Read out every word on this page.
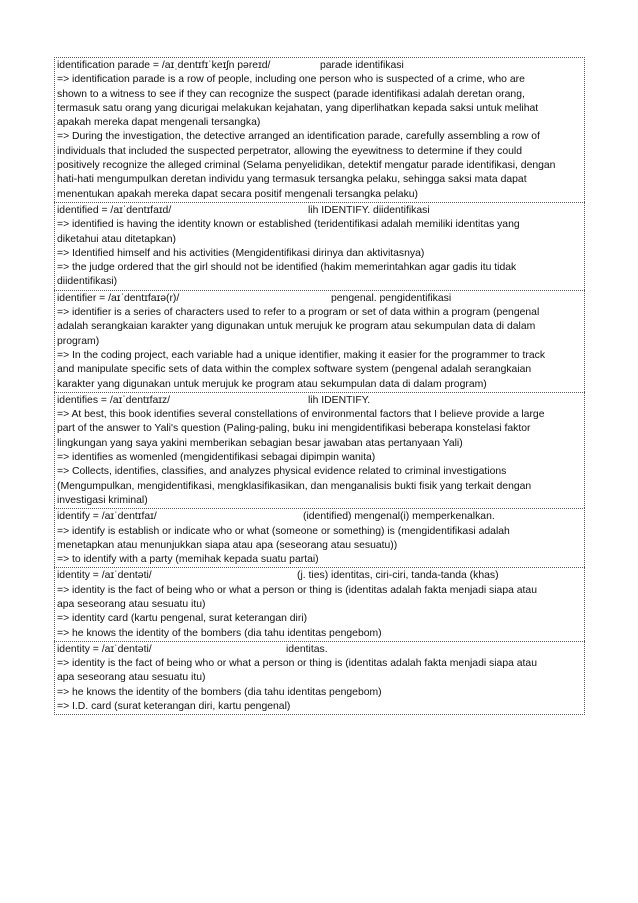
identification parade = /aɪˌdentɪfɪˈkeɪʃn pəreɪd/	parade identifikasi
=> identification parade is a row of people, including one person who is suspected of a crime, who are
shown to a witness to see if they can recognize the suspect (parade identifikasi adalah deretan orang,
termasuk satu orang yang dicurigai melakukan kejahatan, yang diperlihatkan kepada saksi untuk melihat
apakah mereka dapat mengenali tersangka)
=> During the investigation, the detective arranged an identification parade, carefully assembling a row of
individuals that included the suspected perpetrator, allowing the eyewitness to determine if they could
positively recognize the alleged criminal (Selama penyelidikan, detektif mengatur parade identifikasi, dengan
hati-hati mengumpulkan deretan individu yang termasuk tersangka pelaku, sehingga saksi mata dapat
menentukan apakah mereka dapat secara positif mengenali tersangka pelaku)
identified = /aɪˈdentɪfaɪd/	lih IDENTIFY. diidentifikasi
=> identified is having the identity known or established (teridentifikasi adalah memiliki identitas yang
diketahui atau ditetapkan)
=> Identified himself and his activities (Mengidentifikasi dirinya dan aktivitasnya)
=> the judge ordered that the girl should not be identified (hakim memerintahkan agar gadis itu tidak
diidentifikasi)
identifier = /aɪˈdentɪfaɪə(r)/	pengenal. pengidentifikasi
=> identifier is a series of characters used to refer to a program or set of data within a program (pengenal
adalah serangkaian karakter yang digunakan untuk merujuk ke program atau sekumpulan data di dalam
program)
=> In the coding project, each variable had a unique identifier, making it easier for the programmer to track
and manipulate specific sets of data within the complex software system (pengenal adalah serangkaian
karakter yang digunakan untuk merujuk ke program atau sekumpulan data di dalam program)
identifies = /aɪˈdentɪfaɪz/	lih IDENTIFY.
=> At best, this book identifies several constellations of environmental factors that I believe provide a large
part of the answer to Yali's question (Paling-paling, buku ini mengidentifikasi beberapa konstelasi faktor
lingkungan yang saya yakini memberikan sebagian besar jawaban atas pertanyaan Yali)
=> identifies as womenled (mengidentifikasi sebagai dipimpin wanita)
=> Collects, identifies, classifies, and analyzes physical evidence related to criminal investigations
(Mengumpulkan, mengidentifikasi, mengklasifikasikan, dan menganalisis bukti fisik yang terkait dengan
investigasi kriminal)
identify = /aɪˈdentɪfaɪ/	(identified) mengenal(i) memperkenalkan.
=> identify is establish or indicate who or what (someone or something) is (mengidentifikasi adalah
menetapkan atau menunjukkan siapa atau apa (seseorang atau sesuatu))
=> to identify with a party (memihak kepada suatu partai)
identity = /aɪˈdentəti/	(j. ties) identitas, ciri-ciri, tanda-tanda (khas)
=> identity is the fact of being who or what a person or thing is (identitas adalah fakta menjadi siapa atau
apa seseorang atau sesuatu itu)
=> identity card (kartu pengenal, surat keterangan diri)
=> he knows the identity of the bombers (dia tahu identitas pengebom)
identity = /aɪˈdentəti/	identitas.
=> identity is the fact of being who or what a person or thing is (identitas adalah fakta menjadi siapa atau
apa seseorang atau sesuatu itu)
=> he knows the identity of the bombers (dia tahu identitas pengebom)
=> I.D. card (surat keterangan diri, kartu pengenal)
